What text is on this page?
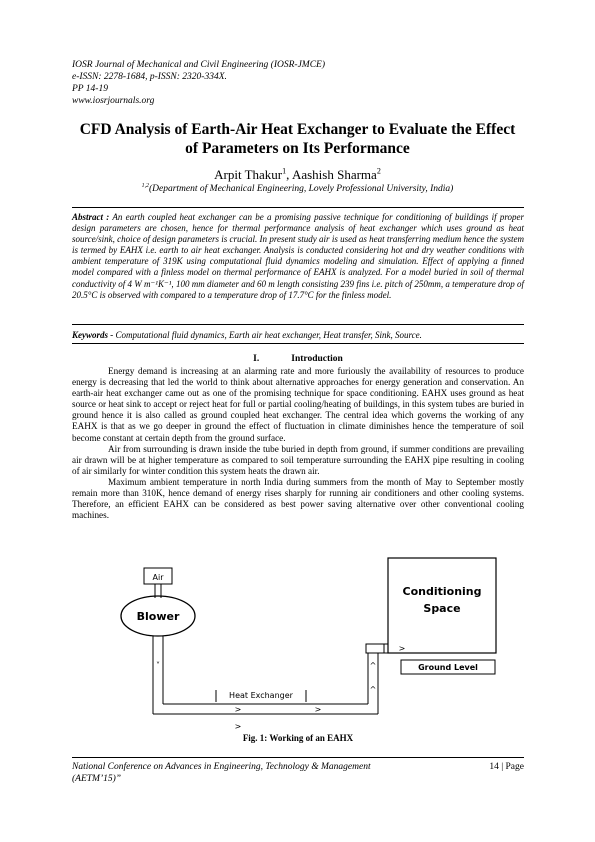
IOSR Journal of Mechanical and Civil Engineering (IOSR-JMCE)
e-ISSN: 2278-1684, p-ISSN: 2320-334X.
PP 14-19
www.iosrjournals.org
CFD Analysis of Earth-Air Heat Exchanger to Evaluate the Effect
of Parameters on Its Performance
Arpit Thakur$^1$, Aashish Sharma$^2$
$^{1,2}$(Department of Mechanical Engineering, Lovely Professional University, India)
Abstract : An earth coupled heat exchanger can be a promising passive technique for conditioning of buildings if proper design parameters are chosen, hence for thermal performance analysis of heat exchanger which uses ground as heat source/sink, choice of design parameters is crucial. In present study air is used as heat transferring medium hence the system is termed by EAHX i.e. earth to air heat exchanger. Analysis is conducted considering hot and dry weather conditions with ambient temperature of 319K using computational fluid dynamics modeling and simulation. Effect of applying a finned model compared with a finless model on thermal performance of EAHX is analyzed. For a model buried in soil of thermal conductivity of 4 W m⁻¹K⁻¹, 100 mm diameter and 60 m length consisting 239 fins i.e. pitch of 250mm, a temperature drop of 20.5°C is observed with compared to a temperature drop of 17.7°C for the finless model.
Keywords - Computational fluid dynamics, Earth air heat exchanger, Heat transfer, Sink, Source.
I.	Introduction

Energy demand is increasing at an alarming rate and more furiously the availability of resources to produce energy is decreasing that led the world to think about alternative approaches for energy generation and conservation. An earth-air heat exchanger came out as one of the promising technique for space conditioning. EAHX uses ground as heat source or heat sink to accept or reject heat for full or partial cooling/heating of buildings, in this system tubes are buried in ground hence it is also called as ground coupled heat exchanger. The central idea which governs the working of any EAHX is that as we go deeper in ground the effect of fluctuation in climate diminishes hence the temperature of soil become constant at certain depth from the ground surface.

Air from surrounding is drawn inside the tube buried in depth from ground, if summer conditions are prevailing air drawn will be at higher temperature as compared to soil temperature surrounding the EAHX pipe resulting in cooling of air similarly for winter condition this system heats the drawn air.

Maximum ambient temperature in north India during summers from the month of May to September mostly remain more than 310K, hence demand of energy rises sharply for running air conditioners and other cooling systems. Therefore, an efficient EAHX can be considered as best power saving alternative over other conventional cooling machines.

Air
Blower
˅
>	>
>
Heat Exchanger
^
^
>
Conditioning
Space
Ground Level
Fig. 1: Working of an EAHX
National Conference on Advances in Engineering, Technology & Management
(AETM’15)”
14 | Page
